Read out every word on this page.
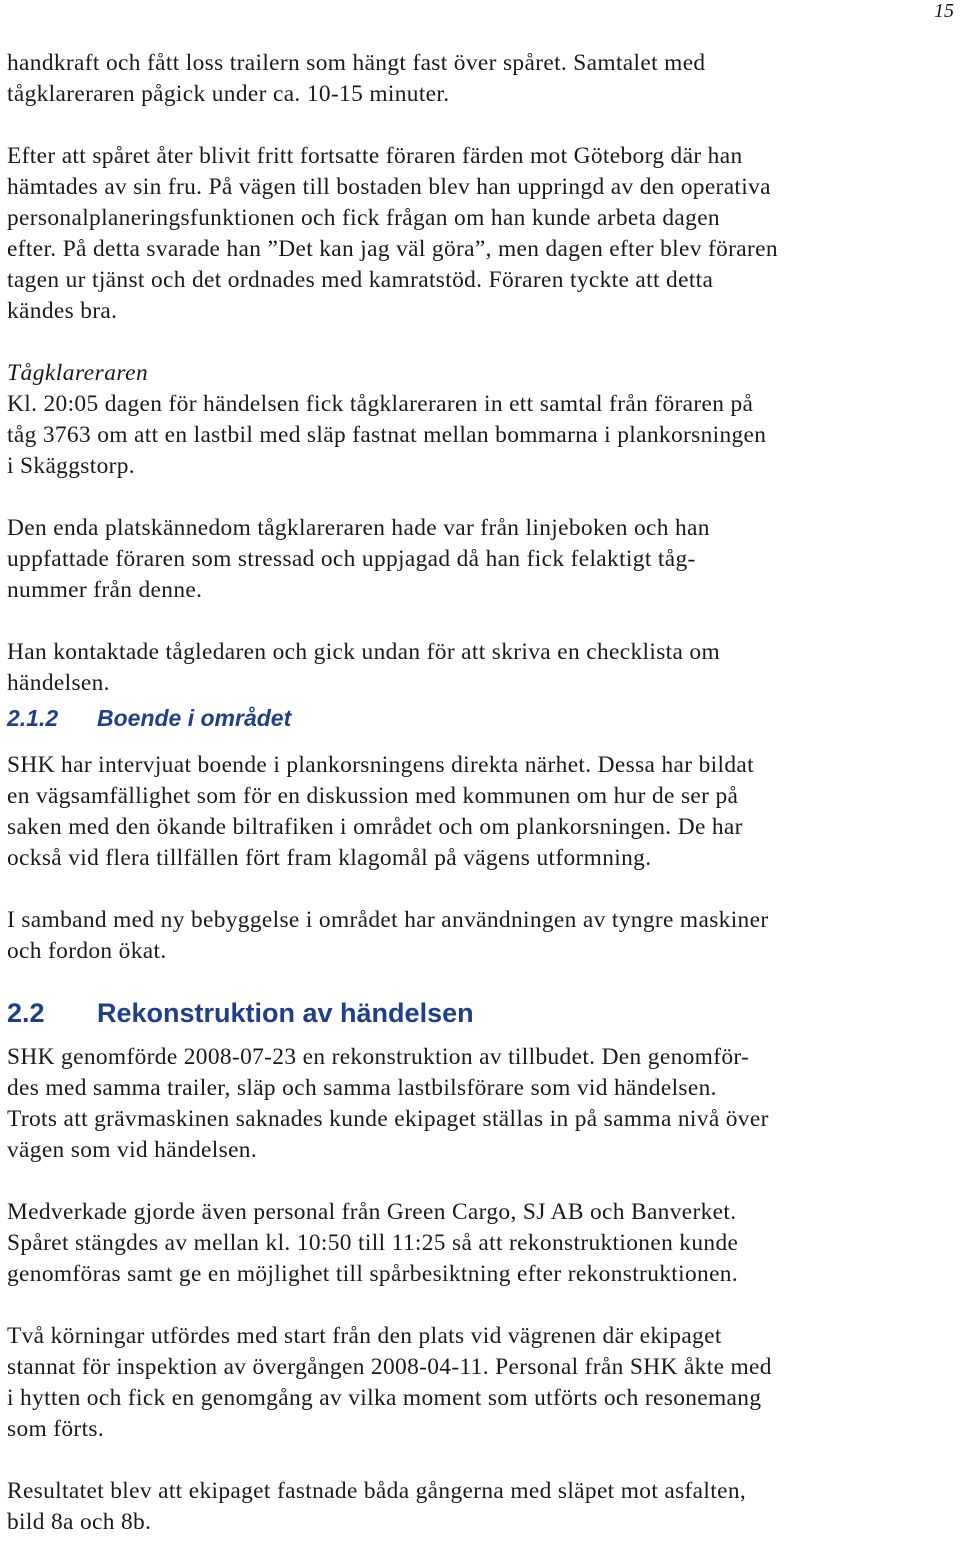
15

handkraft och fått loss trailern som hängt fast över spåret. Samtalet med
tågklareraren pågick under ca. 10-15 minuter.

Efter att spåret åter blivit fritt fortsatte föraren färden mot Göteborg där han
hämtades av sin fru. På vägen till bostaden blev han uppringd av den operativa
personalplaneringsfunktionen och fick frågan om han kunde arbeta dagen
efter. På detta svarade han ”Det kan jag väl göra”, men dagen efter blev föraren
tagen ur tjänst och det ordnades med kamratstöd. Föraren tyckte att detta
kändes bra.

Tågklareraren

Kl. 20:05 dagen för händelsen fick tågklareraren in ett samtal från föraren på
tåg 3763 om att en lastbil med släp fastnat mellan bommarna i plankorsningen
i Skäggstorp.

Den enda platskännedom tågklareraren hade var från linjeboken och han
uppfattade föraren som stressad och uppjagad då han fick felaktigt tåg-
nummer från denne.

Han kontaktade tågledaren och gick undan för att skriva en checklista om
händelsen.

2.1.2 Boende i området

SHK har intervjuat boende i plankorsningens direkta närhet. Dessa har bildat
en vägsamfällighet som för en diskussion med kommunen om hur de ser på
saken med den ökande biltrafiken i området och om plankorsningen. De har
också vid flera tillfällen fört fram klagomål på vägens utformning.

I samband med ny bebyggelse i området har användningen av tyngre maskiner
och fordon ökat.

2.2 Rekonstruktion av händelsen

SHK genomförde 2008-07-23 en rekonstruktion av tillbudet. Den genomför-
des med samma trailer, släp och samma lastbilsförare som vid händelsen.
Trots att grävmaskinen saknades kunde ekipaget ställas in på samma nivå över
vägen som vid händelsen.

Medverkade gjorde även personal från Green Cargo, SJ AB och Banverket.
Spåret stängdes av mellan kl. 10:50 till 11:25 så att rekonstruktionen kunde
genomföras samt ge en möjlighet till spårbesiktning efter rekonstruktionen.

Två körningar utfördes med start från den plats vid vägrenen där ekipaget
stannat för inspektion av övergången 2008-04-11. Personal från SHK åkte med
i hytten och fick en genomgång av vilka moment som utförts och resonemang
som förts.

Resultatet blev att ekipaget fastnade båda gångerna med släpet mot asfalten,
bild 8a och 8b.
